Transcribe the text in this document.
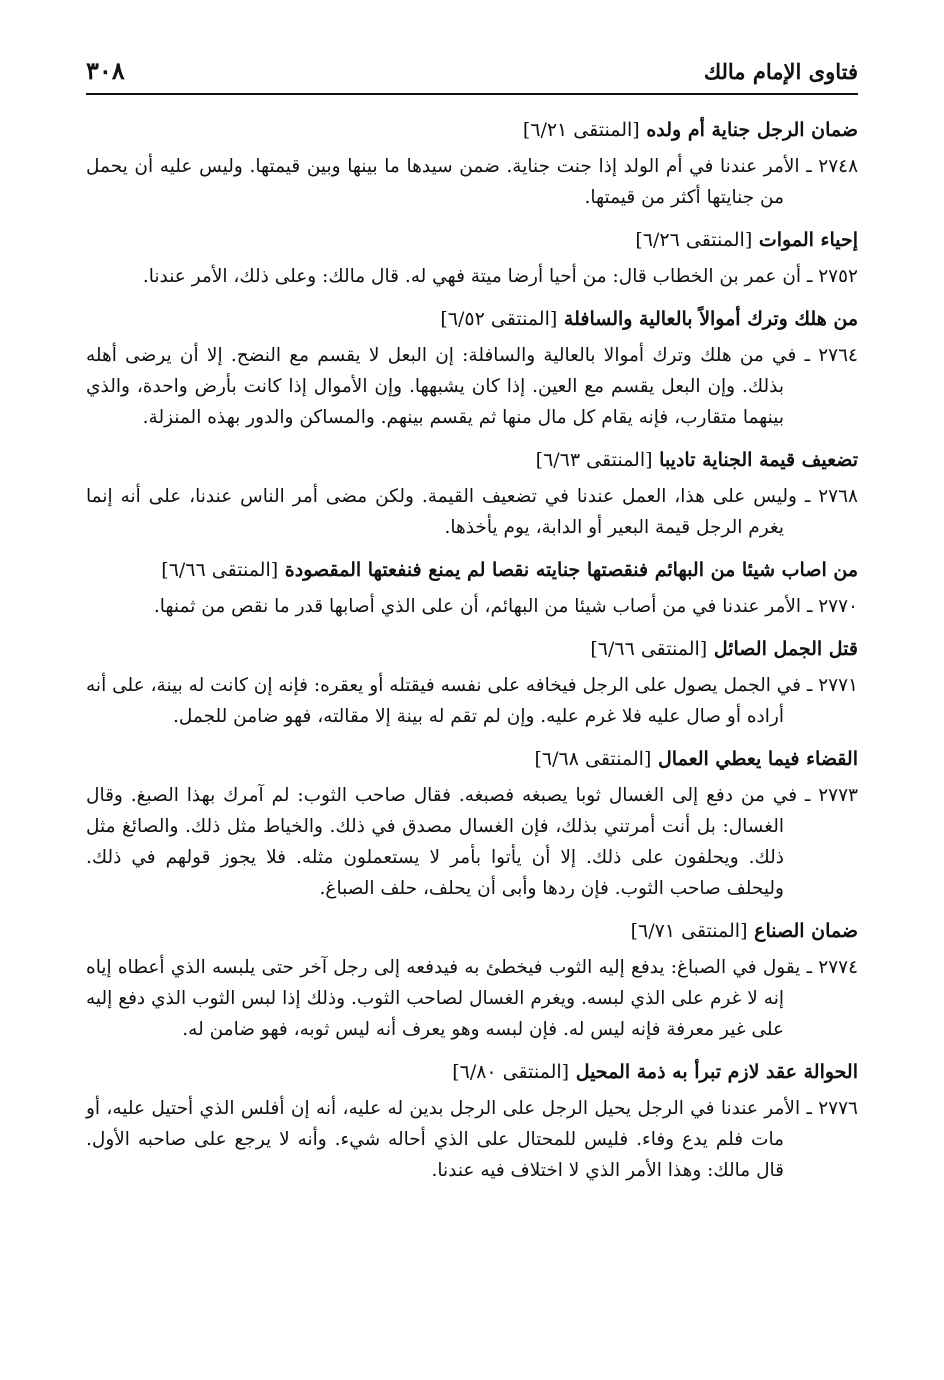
فتاوى الإمام مالك
٣٠٨
ضمان الرجل جناية أم ولده [المنتقى ٦/٢١]

٢٧٤٨ ـ الأمر عندنا في أم الولد إذا جنت جناية. ضمن سيدها ما بينها وبين قيمتها. وليس عليه أن يحمل من جنايتها أكثر من قيمتها.

إحياء الموات [المنتقى ٦/٢٦]

٢٧٥٢ ـ أن عمر بن الخطاب قال: من أحيا أرضا ميتة فهي له. قال مالك: وعلى ذلك، الأمر عندنا.

من هلك وترك أموالاً بالعالية والسافلة [المنتقى ٦/٥٢]

٢٧٦٤ ـ في من هلك وترك أموالا بالعالية والسافلة: إن البعل لا يقسم مع النضح. إلا أن يرضى أهله بذلك. وإن البعل يقسم مع العين. إذا كان يشبهها. وإن الأموال إذا كانت بأرض واحدة، والذي بينهما متقارب، فإنه يقام كل مال منها ثم يقسم بينهم. والمساكن والدور بهذه المنزلة.

تضعيف قيمة الجناية تاديبا [المنتقى ٦/٦٣]

٢٧٦٨ ـ وليس على هذا، العمل عندنا في تضعيف القيمة. ولكن مضى أمر الناس عندنا، على أنه إنما يغرم الرجل قيمة البعير أو الدابة، يوم يأخذها.

من اصاب شيئا من البهائم فنقصتها جنايته نقصا لم يمنع فنفعتها المقصودة [المنتقى ٦/٦٦]

٢٧٧٠ ـ الأمر عندنا في من أصاب شيئا من البهائم، أن على الذي أصابها قدر ما نقص من ثمنها.

قتل الجمل الصائل [المنتقى ٦/٦٦]

٢٧٧١ ـ في الجمل يصول على الرجل فيخافه على نفسه فيقتله أو يعقره: فإنه إن كانت له بينة، على أنه أراده أو صال عليه فلا غرم عليه. وإن لم تقم له بينة إلا مقالته، فهو ضامن للجمل.

القضاء فيما يعطي العمال [المنتقى ٦/٦٨]

٢٧٧٣ ـ في من دفع إلى الغسال ثوبا يصبغه فصبغه. فقال صاحب الثوب: لم آمرك بهذا الصبغ. وقال الغسال: بل أنت أمرتني بذلك، فإن الغسال مصدق في ذلك. والخياط مثل ذلك. والصائغ مثل ذلك. ويحلفون على ذلك. إلا أن يأتوا بأمر لا يستعملون مثله. فلا يجوز قولهم في ذلك. وليحلف صاحب الثوب. فإن ردها وأبى أن يحلف، حلف الصباغ.

ضمان الصناع [المنتقى ٦/٧١]

٢٧٧٤ ـ يقول في الصباغ: يدفع إليه الثوب فيخطئ به فيدفعه إلى رجل آخر حتى يلبسه الذي أعطاه إياه إنه لا غرم على الذي لبسه. ويغرم الغسال لصاحب الثوب. وذلك إذا لبس الثوب الذي دفع إليه على غير معرفة فإنه ليس له. فإن لبسه وهو يعرف أنه ليس ثوبه، فهو ضامن له.

الحوالة عقد لازم تبرأ به ذمة المحيل [المنتقى ٦/٨٠]

٢٧٧٦ ـ الأمر عندنا في الرجل يحيل الرجل على الرجل بدين له عليه، أنه إن أفلس الذي أحتيل عليه، أو مات فلم يدع وفاء. فليس للمحتال على الذي أحاله شيء. وأنه لا يرجع على صاحبه الأول. قال مالك: وهذا الأمر الذي لا اختلاف فيه عندنا.
